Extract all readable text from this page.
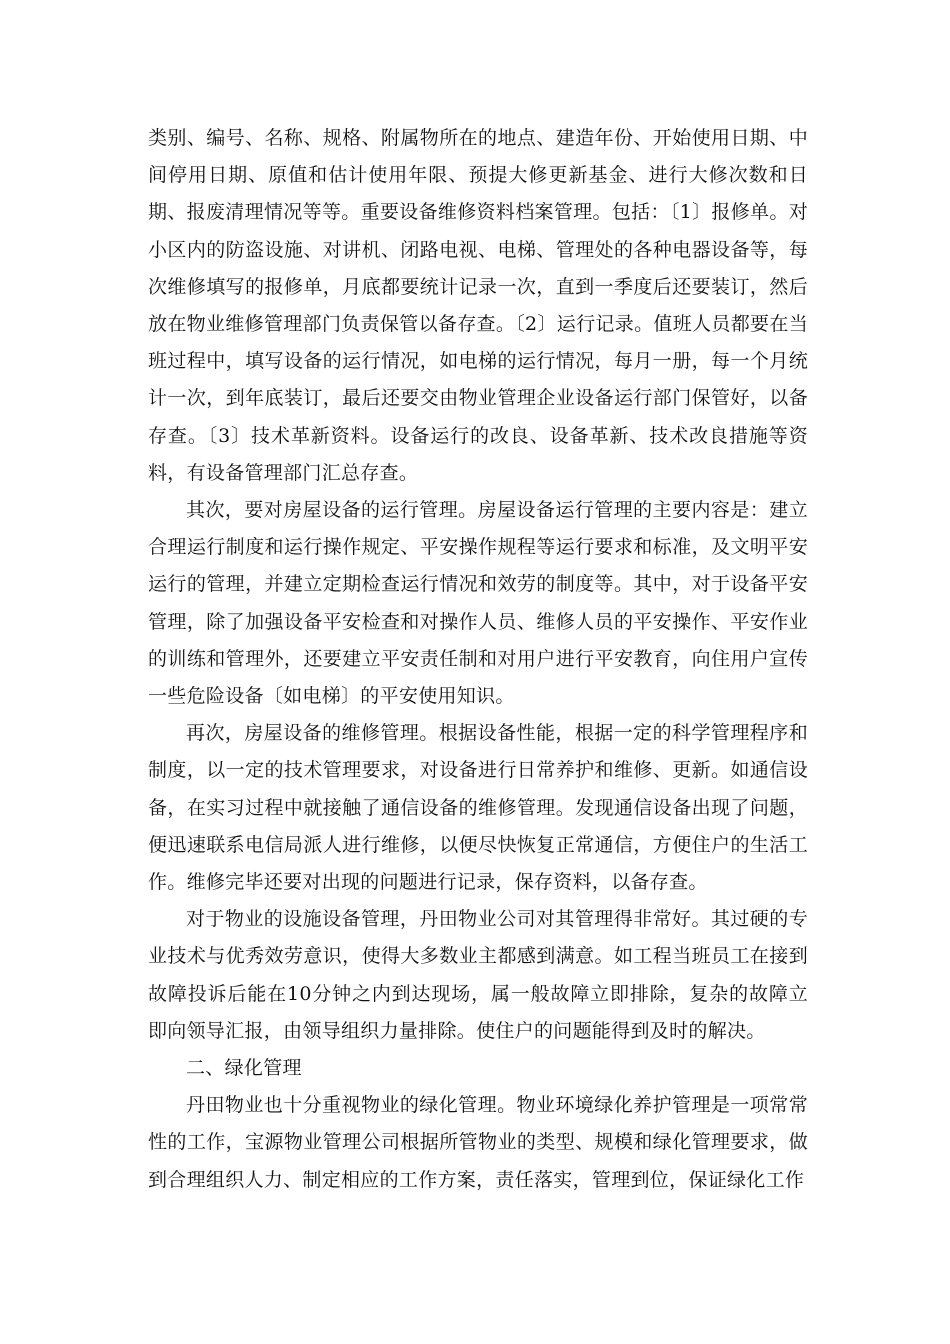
类别、编号、名称、规格、附属物所在的地点、建造年份、开始使用日期、中间停用日期、原值和估计使用年限、预提大修更新基金、进行大修次数和日期、报废清理情况等等。重要设备维修资料档案管理。包括：〔1〕报修单。对小区内的防盗设施、对讲机、闭路电视、电梯、管理处的各种电器设备等，每次维修填写的报修单，月底都要统计记录一次，直到一季度后还要装订，然后放在物业维修管理部门负责保管以备存查。〔2〕运行记录。值班人员都要在当班过程中，填写设备的运行情况，如电梯的运行情况，每月一册，每一个月统计一次，到年底装订，最后还要交由物业管理企业设备运行部门保管好，以备存查。〔3〕技术革新资料。设备运行的改良、设备革新、技术改良措施等资料，有设备管理部门汇总存查。

其次，要对房屋设备的运行管理。房屋设备运行管理的主要内容是：建立合理运行制度和运行操作规定、平安操作规程等运行要求和标准，及文明平安运行的管理，并建立定期检查运行情况和效劳的制度等。其中，对于设备平安管理，除了加强设备平安检查和对操作人员、维修人员的平安操作、平安作业的训练和管理外，还要建立平安责任制和对用户进行平安教育，向住用户宣传一些危险设备〔如电梯〕的平安使用知识。

再次，房屋设备的维修管理。根据设备性能，根据一定的科学管理程序和制度，以一定的技术管理要求，对设备进行日常养护和维修、更新。如通信设备，在实习过程中就接触了通信设备的维修管理。发现通信设备出现了问题，便迅速联系电信局派人进行维修，以便尽快恢复正常通信，方便住户的生活工作。维修完毕还要对出现的问题进行记录，保存资料，以备存查。

对于物业的设施设备管理，丹田物业公司对其管理得非常好。其过硬的专业技术与优秀效劳意识，使得大多数业主都感到满意。如工程当班员工在接到故障投诉后能在10分钟之内到达现场，属一般故障立即排除，复杂的故障立即向领导汇报，由领导组织力量排除。使住户的问题能得到及时的解决。

二、绿化管理

丹田物业也十分重视物业的绿化管理。物业环境绿化养护管理是一项常常性的工作，宝源物业管理公司根据所管物业的类型、规模和绿化管理要求，做到合理组织人力、制定相应的工作方案，责任落实，管理到位，保证绿化工作
